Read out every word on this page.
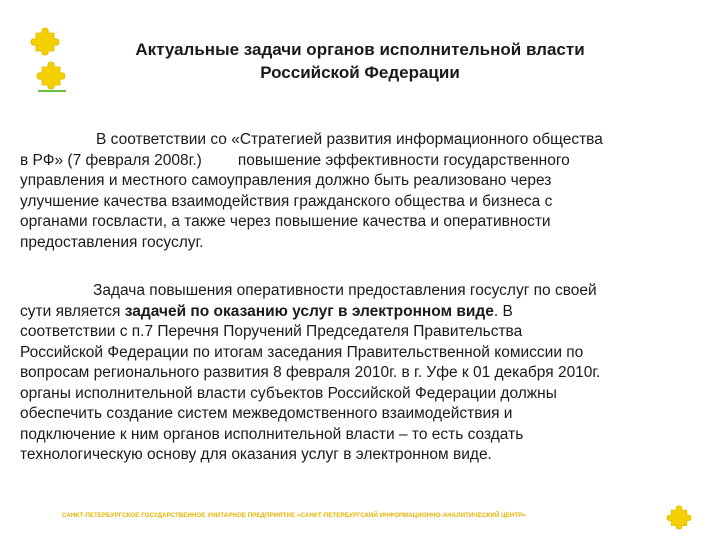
Актуальные задачи органов исполнительной власти
Российской Федерации
В соответствии со «Стратегией развития информационного общества
в РФ» (7 февраля 2008г.) повышение эффективности государственного
управления и местного самоуправления должно быть реализовано через
улучшение качества взаимодействия гражданского общества и бизнеса с
органами госвласти, а также через повышение качества и оперативности
предоставления госуслуг.
Задача повышения оперативности предоставления госуслуг по своей
сути является задачей по оказанию услуг в электронном виде. В
соответствии с п.7 Перечня Поручений Председателя Правительства
Российской Федерации по итогам заседания Правительственной комиссии по
вопросам регионального развития 8 февраля 2010г. в г. Уфе к 01 декабря 2010г.
органы исполнительной власти субъектов Российской Федерации должны
обеспечить создание систем межведомственного взаимодействия и
подключение к ним органов исполнительной власти – то есть создать
технологическую основу для оказания услуг в электронном виде.
САНКТ-ПЕТЕРБУРГСКОЕ ГОСУДАРСТВЕННОЕ УНИТАРНОЕ ПРЕДПРИЯТИЕ «САНКТ-ПЕТЕРБУРГСКИЙ ИНФОРМАЦИОННО-АНАЛИТИЧЕСКИЙ ЦЕНТР»
